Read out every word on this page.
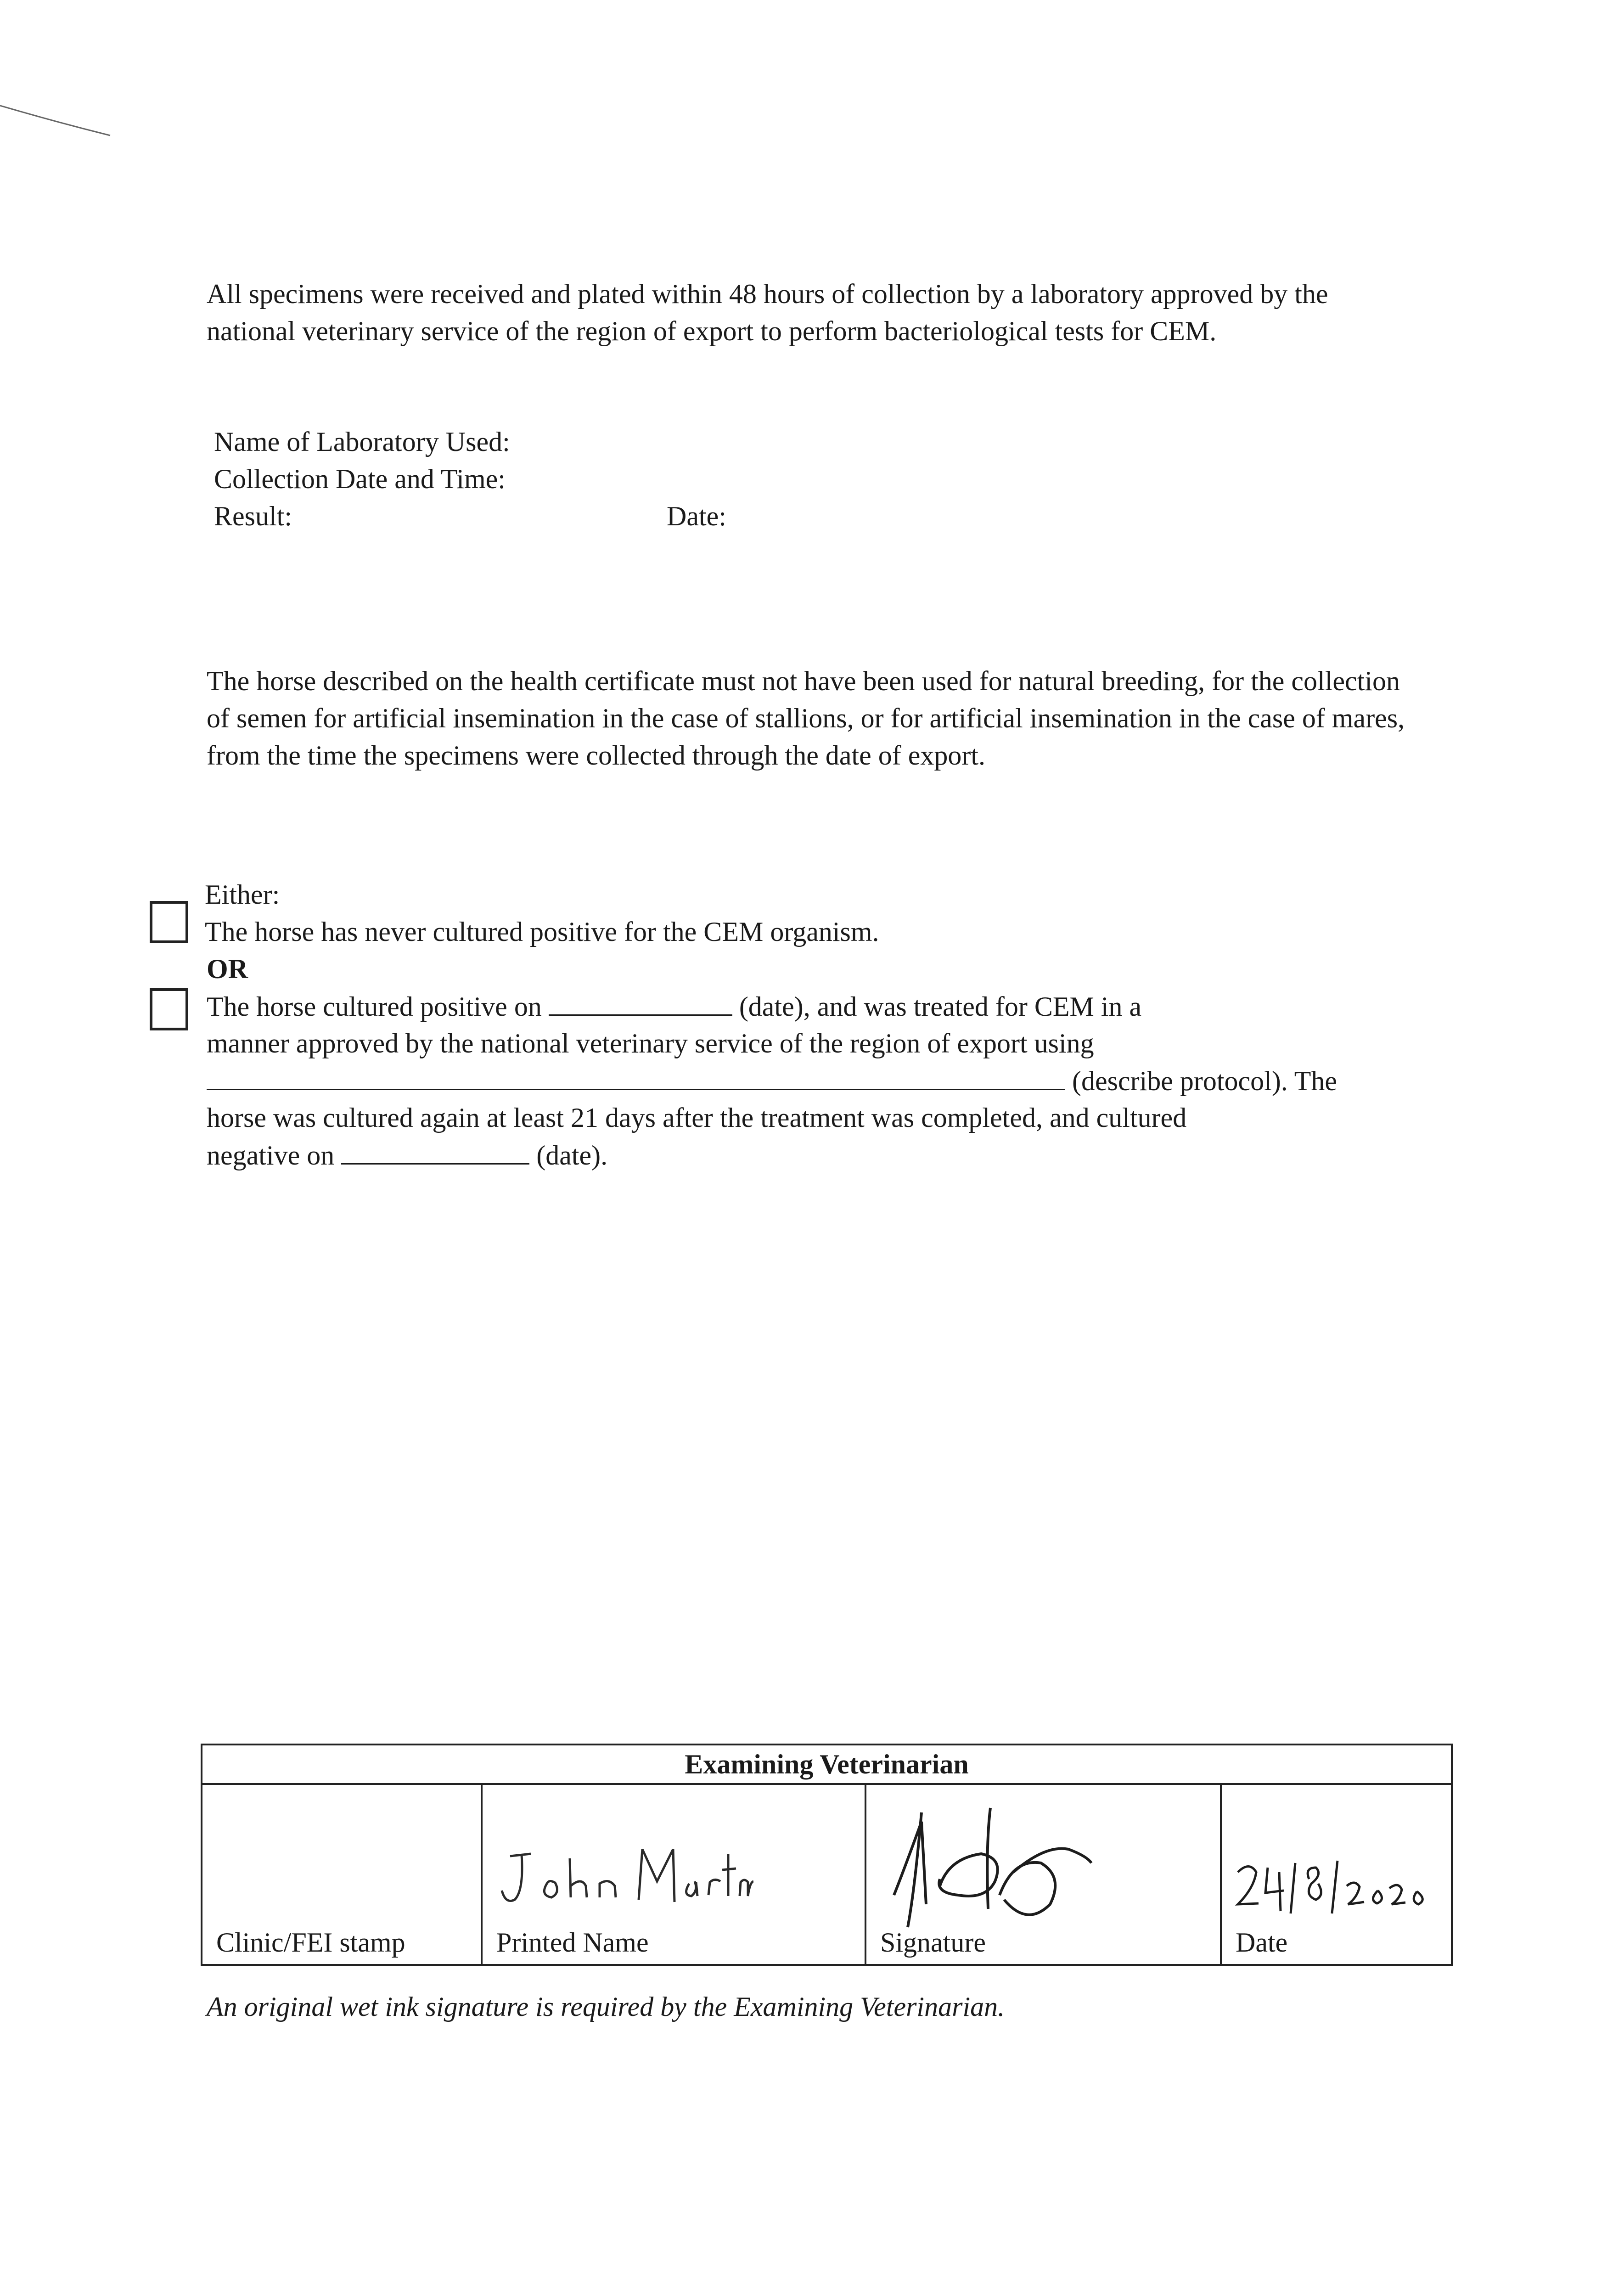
All specimens were received and plated within 48 hours of collection by a laboratory approved by the national veterinary service of the region of export to perform bacteriological tests for CEM.

Name of Laboratory Used:
Collection Date and Time:
Result:	Date:

The horse described on the health certificate must not have been used for natural breeding, for the collection of semen for artificial insemination in the case of stallions, or for artificial insemination in the case of mares, from the time the specimens were collected through the date of export.

Either:
The horse has never cultured positive for the CEM organism.
OR
The horse cultured positive on	(date), and was treated for CEM in a
manner approved by the national veterinary service of the region of export using
(describe protocol). The
horse was cultured again at least 21 days after the treatment was completed, and cultured
negative on	(date).
Examining Veterinarian

Clinic/FEI stamp	Printed Name	Signature	Date
An original wet ink signature is required by the Examining Veterinarian.
